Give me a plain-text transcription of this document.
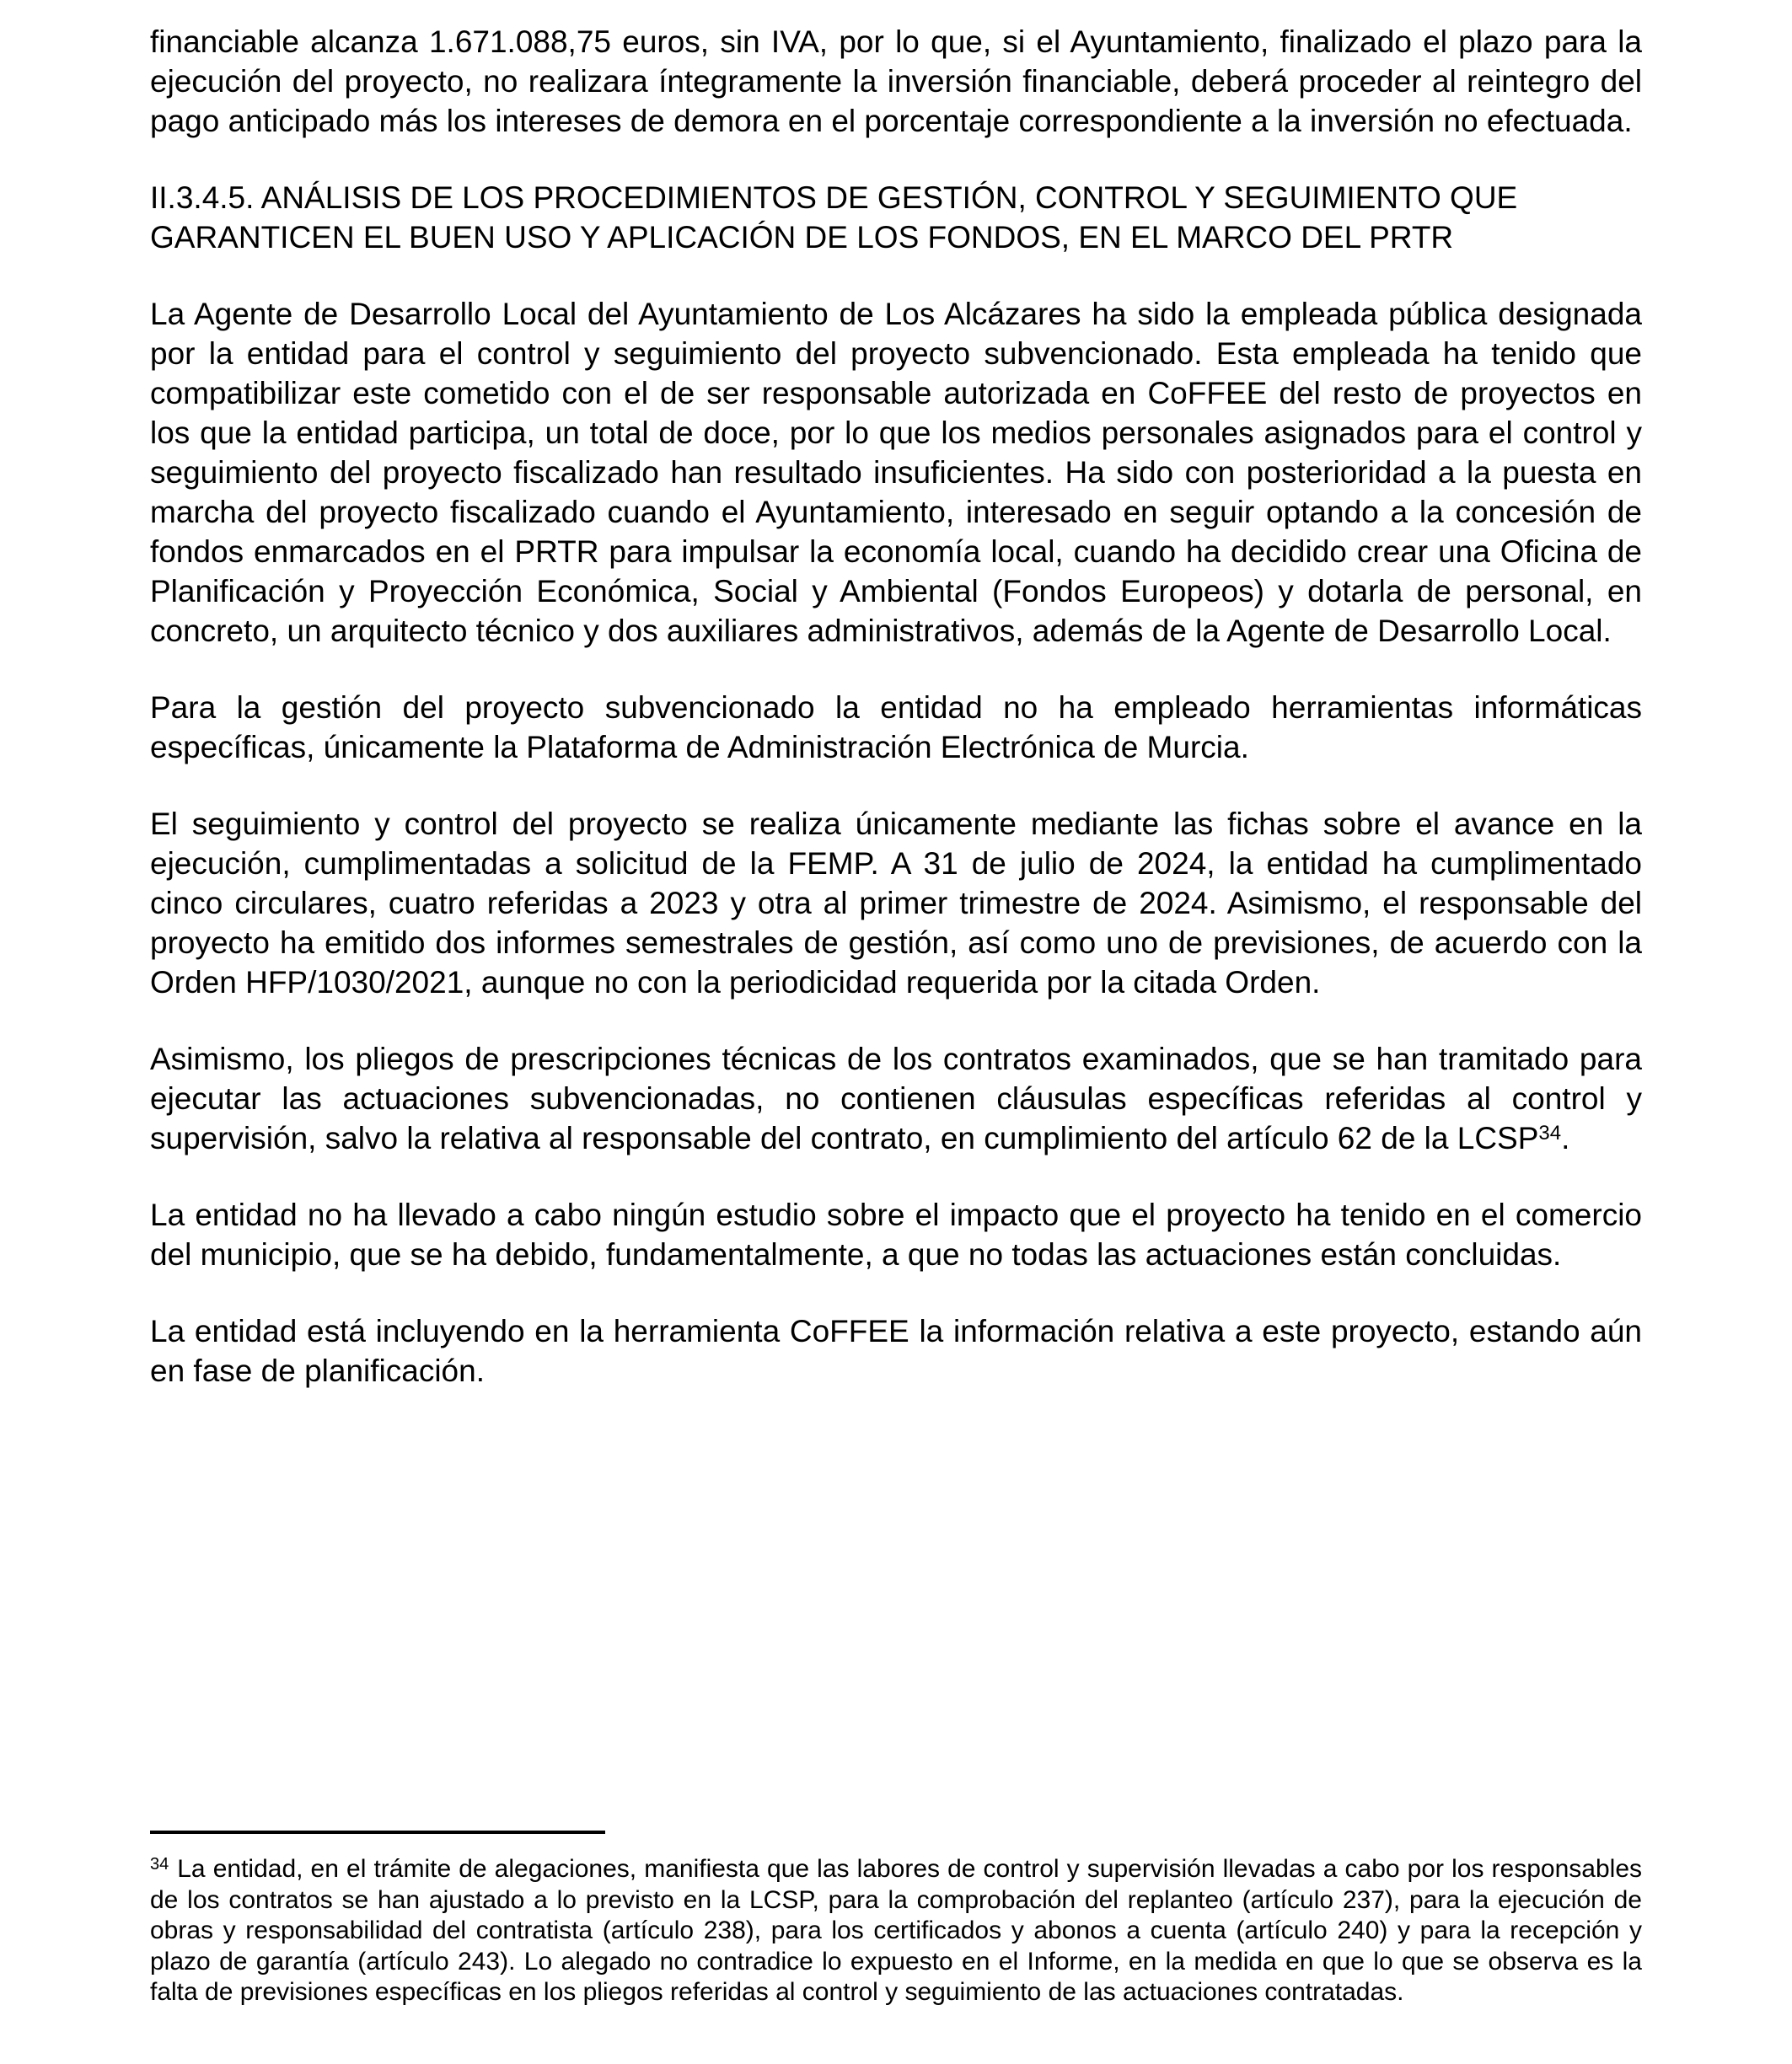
financiable alcanza 1.671.088,75 euros, sin IVA, por lo que, si el Ayuntamiento, finalizado el plazo para la ejecución del proyecto, no realizara íntegramente la inversión financiable, deberá proceder al reintegro del pago anticipado más los intereses de demora en el porcentaje correspondiente a la inversión no efectuada.

II.3.4.5. ANÁLISIS DE LOS PROCEDIMIENTOS DE GESTIÓN, CONTROL Y SEGUIMIENTO QUE GARANTICEN EL BUEN USO Y APLICACIÓN DE LOS FONDOS, EN EL MARCO DEL PRTR

La Agente de Desarrollo Local del Ayuntamiento de Los Alcázares ha sido la empleada pública designada por la entidad para el control y seguimiento del proyecto subvencionado. Esta empleada ha tenido que compatibilizar este cometido con el de ser responsable autorizada en CoFFEE del resto de proyectos en los que la entidad participa, un total de doce, por lo que los medios personales asignados para el control y seguimiento del proyecto fiscalizado han resultado insuficientes. Ha sido con posterioridad a la puesta en marcha del proyecto fiscalizado cuando el Ayuntamiento, interesado en seguir optando a la concesión de fondos enmarcados en el PRTR para impulsar la economía local, cuando ha decidido crear una Oficina de Planificación y Proyección Económica, Social y Ambiental (Fondos Europeos) y dotarla de personal, en concreto, un arquitecto técnico y dos auxiliares administrativos, además de la Agente de Desarrollo Local.

Para la gestión del proyecto subvencionado la entidad no ha empleado herramientas informáticas específicas, únicamente la Plataforma de Administración Electrónica de Murcia.

El seguimiento y control del proyecto se realiza únicamente mediante las fichas sobre el avance en la ejecución, cumplimentadas a solicitud de la FEMP. A 31 de julio de 2024, la entidad ha cumplimentado cinco circulares, cuatro referidas a 2023 y otra al primer trimestre de 2024. Asimismo, el responsable del proyecto ha emitido dos informes semestrales de gestión, así como uno de previsiones, de acuerdo con la Orden HFP/1030/2021, aunque no con la periodicidad requerida por la citada Orden.

Asimismo, los pliegos de prescripciones técnicas de los contratos examinados, que se han tramitado para ejecutar las actuaciones subvencionadas, no contienen cláusulas específicas referidas al control y supervisión, salvo la relativa al responsable del contrato, en cumplimiento del artículo 62 de la LCSP$^{34}$.

La entidad no ha llevado a cabo ningún estudio sobre el impacto que el proyecto ha tenido en el comercio del municipio, que se ha debido, fundamentalmente, a que no todas las actuaciones están concluidas.

La entidad está incluyendo en la herramienta CoFFEE la información relativa a este proyecto, estando aún en fase de planificación.

$^{34}$ La entidad, en el trámite de alegaciones, manifiesta que las labores de control y supervisión llevadas a cabo por los responsables de los contratos se han ajustado a lo previsto en la LCSP, para la comprobación del replanteo (artículo 237), para la ejecución de obras y responsabilidad del contratista (artículo 238), para los certificados y abonos a cuenta (artículo 240) y para la recepción y plazo de garantía (artículo 243). Lo alegado no contradice lo expuesto en el Informe, en la medida en que lo que se observa es la falta de previsiones específicas en los pliegos referidas al control y seguimiento de las actuaciones contratadas.
